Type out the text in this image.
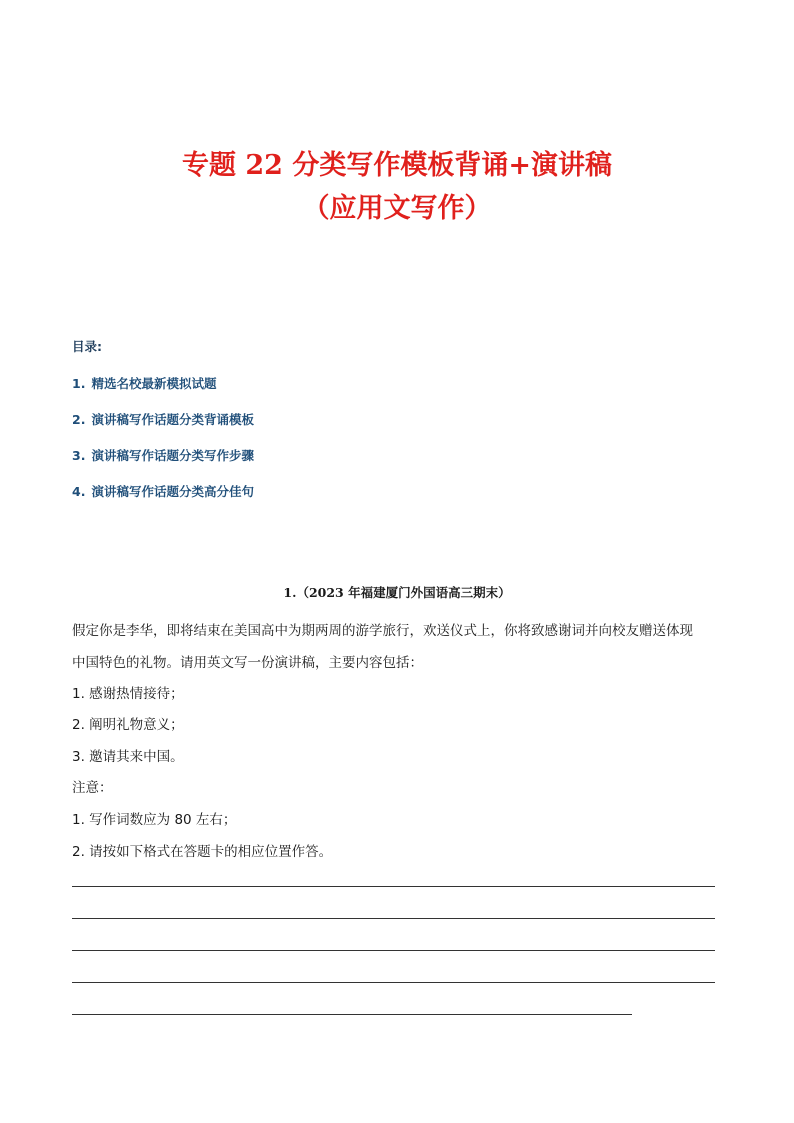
专题 22 分类写作模板背诵+演讲稿
（应用文写作）
目录:
1. 精选名校最新模拟试题
2. 演讲稿写作话题分类背诵模板
3. 演讲稿写作话题分类写作步骤
4. 演讲稿写作话题分类高分佳句
1.（2023 年福建厦门外国语高三期末）
假定你是李华，即将结束在美国高中为期两周的游学旅行，欢送仪式上，你将致感谢词并向校友赠送体现
中国特色的礼物。请用英文写一份演讲稿，主要内容包括：
1. 感谢热情接待；
2. 阐明礼物意义；
3. 邀请其来中国。
注意：
1. 写作词数应为 80 左右；
2. 请按如下格式在答题卡的相应位置作答。
